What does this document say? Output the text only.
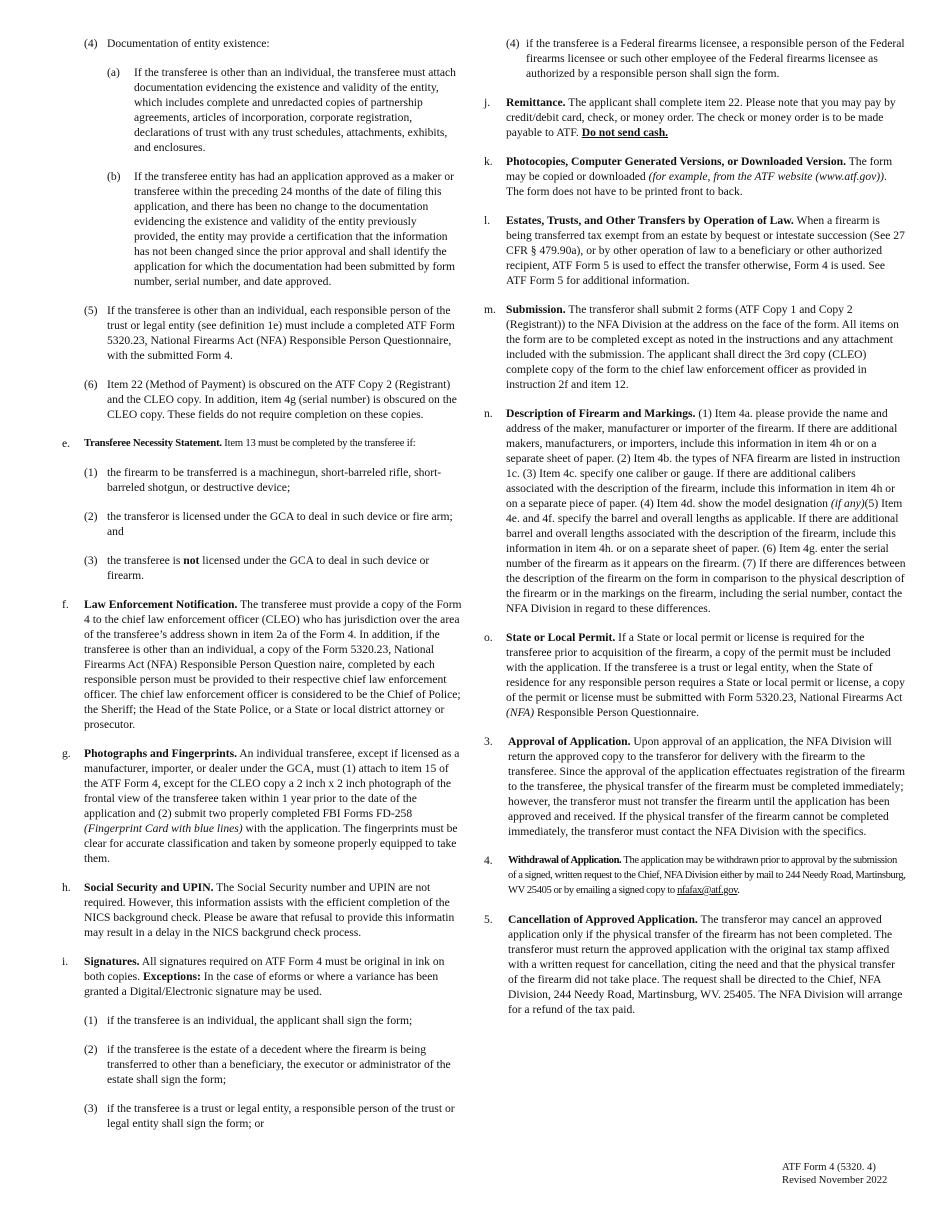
(4) Documentation of entity existence:
(a)	If the transferee is other than an individual, the transferee must attach documentation evidencing the existence and validity of the entity, which includes complete and unredacted copies of partnership agreements, articles of incorporation, corporate registration, declarations of trust with any trust schedules, attachments, exhibits, and enclosures.
(b)	If the transferee entity has had an application approved as a maker or transferee within the preceding 24 months of the date of filing this application, and there has been no change to the documentation evidencing the existence and validity of the entity previously provided, the entity may provide a certification that the information has not been changed since the prior approval and shall identify the application for which the documentation had been submitted by form number, serial number, and date approved.
(5) If the transferee is other than an individual, each responsible person of the trust or legal entity (see definition 1e) must include a completed ATF Form 5320.23, National Firearms Act (NFA) Responsible Person Questionnaire, with the submitted Form 4.
(6) Item 22 (Method of Payment) is obscured on the ATF Copy 2 (Registrant) and the CLEO copy. In addition, item 4g (serial number) is obscured on the CLEO copy. These fields do not require completion on these copies.
e.	Transferee Necessity Statement. Item 13 must be completed by the transferee if:
(1) the firearm to be transferred is a machinegun, short-barreled rifle, short-barreled shotgun, or destructive device;
(2) the transferor is licensed under the GCA to deal in such device or fire arm; and
(3) the transferee is not licensed under the GCA to deal in such device or firearm.
f.	Law Enforcement Notification. The transferee must provide a copy of the Form 4 to the chief law enforcement officer (CLEO) who has jurisdiction over the area of the transferee’s address shown in item 2a of the Form 4. In addition, if the transferee is other than an individual, a copy of the Form 5320.23, National Firearms Act (NFA) Responsible Person Question naire, completed by each responsible person must be provided to their respective chief law enforcement officer. The chief law enforcement officer is considered to be the Chief of Police; the Sheriff; the Head of the State Police, or a State or local district attorney or prosecutor.
g.	Photographs and Fingerprints. An individual transferee, except if licensed as a manufacturer, importer, or dealer under the GCA, must (1) attach to item 15 of the ATF Form 4, except for the CLEO copy a 2 inch x 2 inch photograph of the frontal view of the transferee taken within 1 year prior to the date of the application and (2) submit two properly completed FBI Forms FD-258 (Fingerprint Card with blue lines) with the application. The fingerprints must be clear for accurate classification and taken by someone properly equipped to take them.
h.	Social Security and UPIN. The Social Security number and UPIN are not required. However, this information assists with the efficient completion of the NICS background check. Please be aware that refusal to provide this informatin may result in a delay in the NICS backgrund check process.
i.	Signatures. All signatures required on ATF Form 4 must be original in ink on both copies. Exceptions: In the case of eforms or where a variance has been granted a Digital/Electronic signature may be used.
(1) if the transferee is an individual, the applicant shall sign the form;
(2) if the transferee is the estate of a decedent where the firearm is being transferred to other than a beneficiary, the executor or administrator of the estate shall sign the form;
(3) if the transferee is a trust or legal entity, a responsible person of the trust or legal entity shall sign the form; or
(4) if the transferee is a Federal firearms licensee, a responsible person of the Federal firearms licensee or such other employee of the Federal firearms licensee as authorized by a responsible person shall sign the form.
j.	Remittance. The applicant shall complete item 22. Please note that you may pay by credit/debit card, check, or money order. The check or money order is to be made payable to ATF. Do not send cash.
k.	Photocopies, Computer Generated Versions, or Downloaded Version. The form may be copied or downloaded (for example, from the ATF website (www.atf.gov)). The form does not have to be printed front to back.
l.	Estates, Trusts, and Other Transfers by Operation of Law. When a firearm is being transferred tax exempt from an estate by bequest or intestate succession (See 27 CFR § 479.90a), or by other operation of law to a beneficiary or other authorized recipient, ATF Form 5 is used to effect the transfer otherwise, Form 4 is used. See ATF Form 5 for additional information.
m. Submission. The transferor shall submit 2 forms (ATF Copy 1 and Copy 2 (Registrant)) to the NFA Division at the address on the face of the form. All items on the form are to be completed except as noted in the instructions and any attachment included with the submission. The applicant shall direct the 3rd copy (CLEO) complete copy of the form to the chief law enforcement officer as provided in instruction 2f and item 12.
n.	Description of Firearm and Markings. (1) Item 4a. please provide the name and address of the maker, manufacturer or importer of the firearm. If there are additional makers, manufacturers, or importers, include this information in item 4h or on a separate sheet of paper. (2) Item 4b. the types of NFA firearm are listed in instruction 1c. (3) Item 4c. specify one caliber or gauge. If there are additional calibers associated with the description of the firearm, include this information in item 4h or on a separate piece of paper. (4) Item 4d. show the model designation (if any)(5) Item 4e. and 4f. specify the barrel and overall lengths as applicable. If there are additional barrel and overall lengths associated with the description of the firearm, include this information in item 4h. or on a separate sheet of paper. (6) Item 4g. enter the serial number of the firearm as it appears on the firearm. (7) If there are differences between the description of the firearm on the form in comparison to the physical description of the firearm or in the markings on the firearm, including the serial number, contact the NFA Division in regard to these differences.
o.	State or Local Permit. If a State or local permit or license is required for the transferee prior to acquisition of the firearm, a copy of the permit must be included with the application. If the transferee is a trust or legal entity, when the State of residence for any responsible person requires a State or local permit or license, a copy of the permit or license must be submitted with Form 5320.23, National Firearms Act (NFA) Responsible Person Questionnaire.
3.	Approval of Application. Upon approval of an application, the NFA Division will return the approved copy to the transferor for delivery with the firearm to the transferee. Since the approval of the application effectuates registration of the firearm to the transferee, the physical transfer of the firearm must be completed immediately; however, the transferor must not transfer the firearm until the application has been approved and received. If the physical transfer of the firearm cannot be completed immediately, the transferor must contact the NFA Division with the specifics.
4.	Withdrawal of Application. The application may be withdrawn prior to approval by the submission of a signed, written request to the Chief, NFA Division either by mail to 244 Needy Road, Martinsburg, WV 25405 or by emailing a signed copy to nfafax@atf.gov.
5.	Cancellation of Approved Application. The transferor may cancel an approved application only if the physical transfer of the firearm has not been completed. The transferor must return the approved application with the original tax stamp affixed with a written request for cancellation, citing the need and that the physical transfer of the firearm did not take place. The request shall be directed to the Chief, NFA Division, 244 Needy Road, Martinsburg, WV. 25405. The NFA Division will arrange for a refund of the tax paid.
ATF Form 4 (5320. 4)
Revised November 2022
